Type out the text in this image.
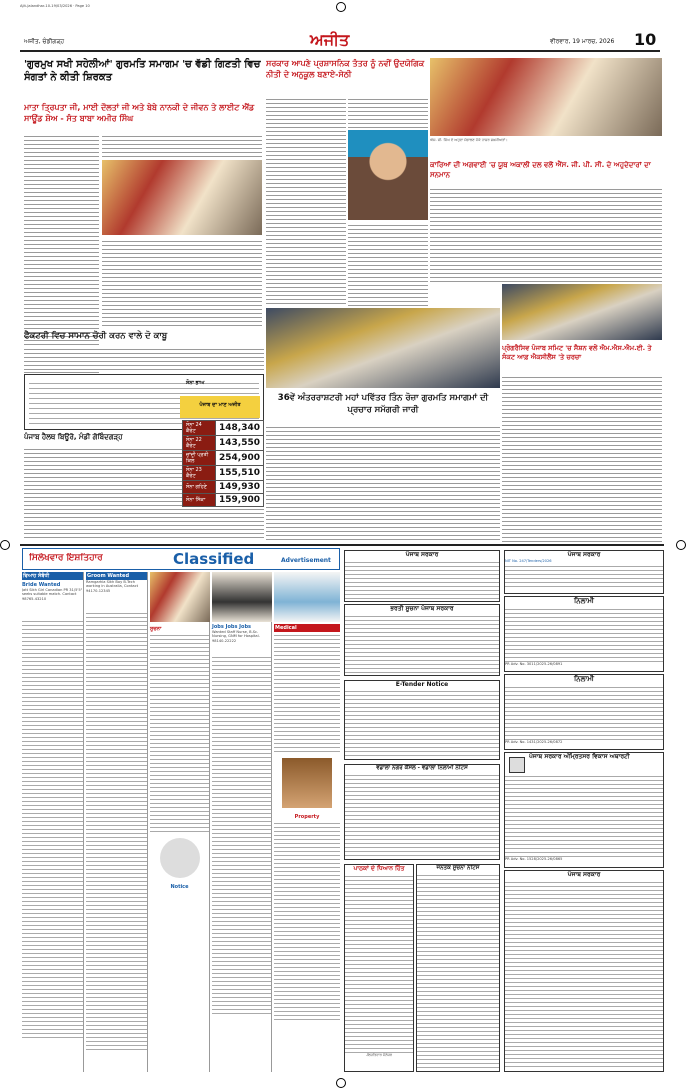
Ajit-Jalandhar-10-19/03/2026 · Page 10
ਅਜੀਤ, ਚੰਡੀਗੜ੍ਹ	ਅਜੀਤ	ਵੀਰਵਾਰ, 19 ਮਾਰਚ, 2026 10
'ਗੁਰਮੁਖ ਸਖੀ ਸਹੇਲੀਆਂ' ਗੁਰਮਤਿ ਸਮਾਗਮ 'ਚ ਵੱਡੀ ਗਿਣਤੀ ਵਿਚ ਸੰਗਤਾਂ ਨੇ ਕੀਤੀ ਸ਼ਿਰਕਤ
ਮਾਤਾ ਤ੍ਰਿਪਤਾ ਜੀ, ਮਾਈ ਦੌਲਤਾਂ ਜੀ ਅਤੇ ਬੇਬੇ ਨਾਨਕੀ ਦੇ ਜੀਵਨ ਤੇ ਲਾਈਟ ਐਂਡ ਸਾਊਂਡ ਸ਼ੋਅ - ਸੰਤ ਬਾਬਾ ਅਮੀਰ ਸਿੰਘ
ਫੈਕਟਰੀ ਵਿਚ ਸਾਮਾਨ ਚੋਰੀ ਕਰਨ ਵਾਲੇ ਦੋ ਕਾਬੂ
ਪੰਜਾਬ ਹੈਲਥ ਬਿਊਰੋ, ਮੰਡੀ ਗੋਬਿੰਦਗੜ੍ਹ
ਸਰਕਾਰ ਆਪਣੇ ਪ੍ਰਸ਼ਾਸਨਿਕ ਤੰਤਰ ਨੂੰ ਨਵੀਂ ਉਦਯੋਗਿਕ ਨੀਤੀ ਦੇ ਅਨੁਕੂਲ ਬਣਾਏ-ਸੇਠੀ
36ਵੇਂ ਅੰਤਰਰਾਸ਼ਟਰੀ ਮਹਾਂ ਪਵਿੱਤਰ ਤਿੰਨ ਰੋਜ਼ਾ ਗੁਰਮਤਿ ਸਮਾਗਮਾਂ ਦੀ ਪ੍ਰਚਾਰ ਸਮੱਗਰੀ ਜਾਰੀ
ਪੰਜਾਬ ਦਾ ਮਾਣ ਅਜੀਤ
ਸੋਨਾ ਭਾਅ
ਸੋਨਾ 24 ਕੈਰੇਟ	148,340
ਸੋਨਾ 22 ਕੈਰੇਟ	143,550
ਚਾਂਦੀ ਪ੍ਰਤੀ ਕਿਲੋ	254,900
ਸੋਨਾ 23 ਕੈਰੇਟ	155,510
ਸੋਨਾ ਗਹਿਣੇ	149,930
ਸੋਨਾ ਸਿੱਕਾ	159,900
ਐਸ. ਸੀ. ਸਿੰਘ ਦੇ ਅਹੁਦਾ ਸੰਭਾਲਣ ਮੌਕੇ ਹਾਜ਼ਰ ਸ਼ਖ਼ਸੀਅਤਾਂ।
ਕਾਰਿਆਂ ਦੀ ਅਗਵਾਈ 'ਚ ਯੂਥ ਅਕਾਲੀ ਦਲ ਵਲੋਂ ਐੱਸ. ਜੀ. ਪੀ. ਸੀ. ਦੇ ਅਹੁਦੇਦਾਰਾਂ ਦਾ ਸਨਮਾਨ
ਪ੍ਰੋਗਰੈਸਿਵ ਪੰਜਾਬ ਸਮਿਟ 'ਚ ਸੈਸ਼ਨ ਵਲੋਂ ਐਮ.ਐਸ.ਐਮ.ਈ. ਤੇ ਸੰਕਟ ਆਫ਼ ਐਕਸੀਲੈਂਸ 'ਤੇ ਚਰਚਾ
ਸਿਲੇਖਵਾਰ ਇਸ਼ਤਿਹਾਰ	Classified	Advertisement
ਵਿਆਹ ਸੰਬੰਧੀ
Bride Wanted
Jatt Sikh Girl Canadian PR 31/5'5" seeks suitable match. Contact 98765-43210
Groom Wanted
Ramgarhia Sikh Boy B.Tech working in Australia, Contact 94170-12345
ਸੂਚਨਾ
Notice
Jobs Jobs Jobs
Wanted Staff Nurse, B.Sc. Nursing, GNM for Hospital. 98140-22222
Medical
Property
ਪੰਜਾਬ ਸਰਕਾਰ
ਭਰਤੀ ਸੂਚਨਾ ਪੰਜਾਬ ਸਰਕਾਰ
E-Tender Notice
ਵਡਾਲਾ ਨਗਰ ਕੌਂਸਲ - ਵਡਾਲਾ ਨਿਲਾਮੀ ਨੋਟਿਸ
ਪਾਠਕਾਂ ਦੇ ਧਿਆਨ ਹਿੱਤ
-ਇਸ਼ਤਿਹਾਰ ਮੈਨੇਜਰ
ਜਨਤਕ ਸੂਚਨਾ ਨੋਟਿਸ
ਪੰਜਾਬ ਸਰਕਾਰ
NIT No. 247/Tenders/2026
ਨਿਲਾਮੀ
PR Adv. No. 3011/2025-26/0891
ਨਿਲਾਮੀ
PR Adv. No. 1431/2025-26/0872
ਪੰਜਾਬ ਸਰਕਾਰ ਅੰਮ੍ਰਿਤਸਰ ਵਿਕਾਸ ਅਥਾਰਟੀ
PR Adv. No. 1528/2025-26/0865
ਪੰਜਾਬ ਸਰਕਾਰ
